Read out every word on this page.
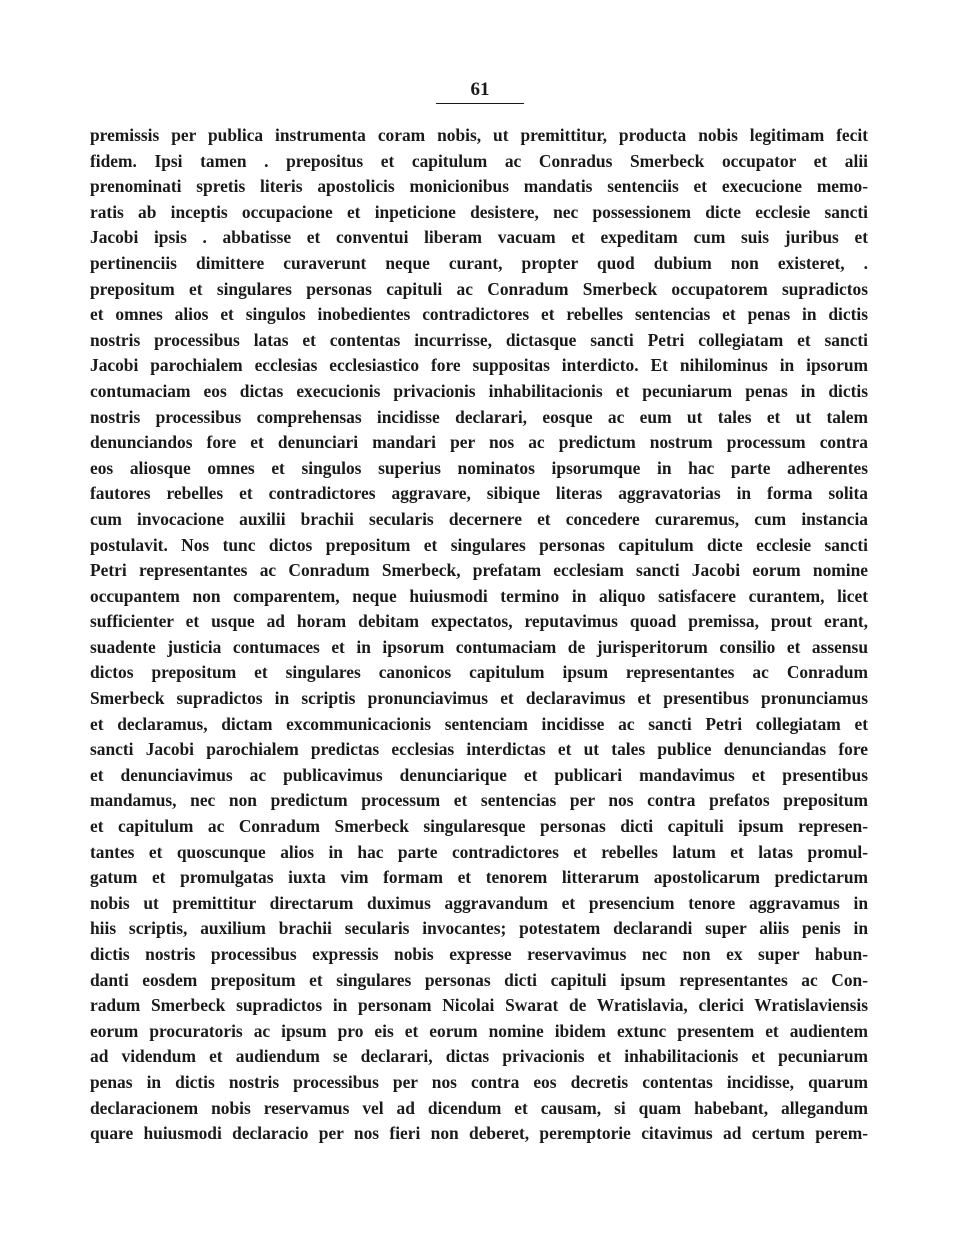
61
premissis per publica instrumenta coram nobis, ut premittitur, producta nobis legitimam fecit
fidem. Ipsi tamen . prepositus et capitulum ac Conradus Smerbeck occupator et alii
prenominati spretis literis apostolicis monicionibus mandatis sentenciis et execucione memo-
ratis ab inceptis occupacione et inpeticione desistere, nec possessionem dicte ecclesie sancti
Jacobi ipsis . abbatisse et conventui liberam vacuam et expeditam cum suis juribus et
pertinenciis dimittere curaverunt neque curant, propter quod dubium non existeret, .
prepositum et singulares personas capituli ac Conradum Smerbeck occupatorem supradictos
et omnes alios et singulos inobedientes contradictores et rebelles sentencias et penas in dictis
nostris processibus latas et contentas incurrisse, dictasque sancti Petri collegiatam et sancti
Jacobi parochialem ecclesias ecclesiastico fore suppositas interdicto. Et nihilominus in ipsorum
contumaciam eos dictas execucionis privacionis inhabilitacionis et pecuniarum penas in dictis
nostris processibus comprehensas incidisse declarari, eosque ac eum ut tales et ut talem
denunciandos fore et denunciari mandari per nos ac predictum nostrum processum contra
eos aliosque omnes et singulos superius nominatos ipsorumque in hac parte adherentes
fautores rebelles et contradictores aggravare, sibique literas aggravatorias in forma solita
cum invocacione auxilii brachii secularis decernere et concedere curaremus, cum instancia
postulavit. Nos tunc dictos prepositum et singulares personas capitulum dicte ecclesie sancti
Petri representantes ac Conradum Smerbeck, prefatam ecclesiam sancti Jacobi eorum nomine
occupantem non comparentem, neque huiusmodi termino in aliquo satisfacere curantem, licet
sufficienter et usque ad horam debitam expectatos, reputavimus quoad premissa, prout erant,
suadente justicia contumaces et in ipsorum contumaciam de jurisperitorum consilio et assensu
dictos prepositum et singulares canonicos capitulum ipsum representantes ac Conradum
Smerbeck supradictos in scriptis pronunciavimus et declaravimus et presentibus pronunciamus
et declaramus, dictam excommunicacionis sentenciam incidisse ac sancti Petri collegiatam et
sancti Jacobi parochialem predictas ecclesias interdictas et ut tales publice denunciandas fore
et denunciavimus ac publicavimus denunciarique et publicari mandavimus et presentibus
mandamus, nec non predictum processum et sentencias per nos contra prefatos prepositum
et capitulum ac Conradum Smerbeck singularesque personas dicti capituli ipsum represen-
tantes et quoscunque alios in hac parte contradictores et rebelles latum et latas promul-
gatum et promulgatas iuxta vim formam et tenorem litterarum apostolicarum predictarum
nobis ut premittitur directarum duximus aggravandum et presencium tenore aggravamus in
hiis scriptis, auxilium brachii secularis invocantes; potestatem declarandi super aliis penis in
dictis nostris processibus expressis nobis expresse reservavimus nec non ex super habun-
danti eosdem prepositum et singulares personas dicti capituli ipsum representantes ac Con-
radum Smerbeck supradictos in personam Nicolai Swarat de Wratislavia, clerici Wratislaviensis
eorum procuratoris ac ipsum pro eis et eorum nomine ibidem extunc presentem et audientem
ad videndum et audiendum se declarari, dictas privacionis et inhabilitacionis et pecuniarum
penas in dictis nostris processibus per nos contra eos decretis contentas incidisse, quarum
declaracionem nobis reservamus vel ad dicendum et causam, si quam habebant, allegandum
quare huiusmodi declaracio per nos fieri non deberet, peremptorie citavimus ad certum perem-
